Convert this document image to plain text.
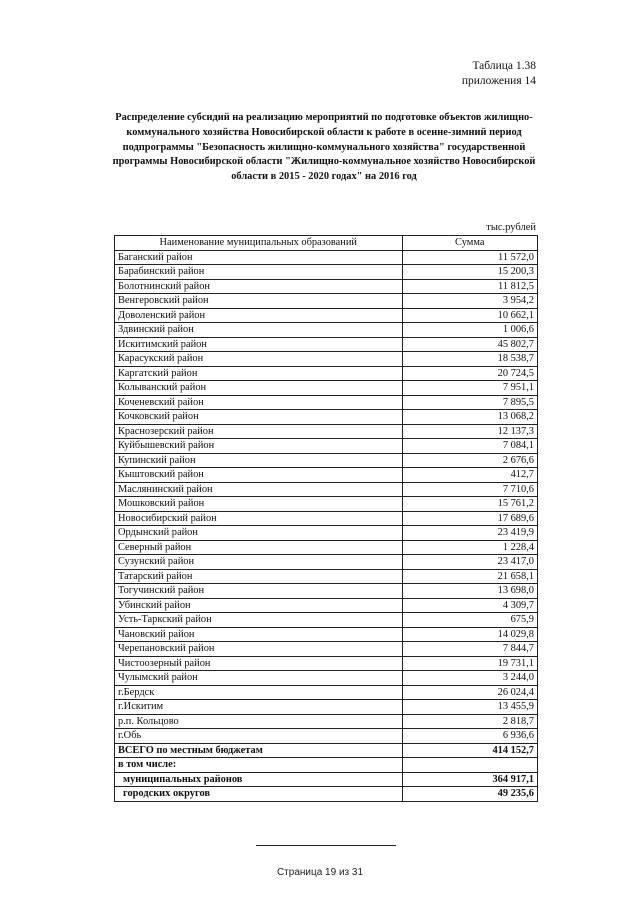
Таблица 1.38
приложения 14
Распределение субсидий на реализацию мероприятий по подготовке объектов жилищно-коммунального хозяйства Новосибирской области к работе в осенне-зимний период подпрограммы "Безопасность жилищно-коммунального хозяйства" государственной программы Новосибирской области "Жилищно-коммунальное хозяйство Новосибирской области в 2015 - 2020 годах" на 2016 год
тыс.рублей
Наименование муниципальных образований	Сумма
Баганский район	11 572,0
Барабинский район	15 200,3
Болотнинский район	11 812,5
Венгеровский район	3 954,2
Доволенский район	10 662,1
Здвинский район	1 006,6
Искитимский район	45 802,7
Карасукский район	18 538,7
Каргатский район	20 724,5
Колыванский район	7 951,1
Коченевский район	7 895,5
Кочковский район	13 068,2
Краснозерский район	12 137,3
Куйбышевский район	7 084,1
Купинский район	2 676,6
Кыштовский район	412,7
Маслянинский район	7 710,6
Мошковский район	15 761,2
Новосибирский район	17 689,6
Ордынский район	23 419,9
Северный район	1 228,4
Сузунский район	23 417,0
Татарский район	21 658,1
Тогучинский район	13 698,0
Убинский район	4 309,7
Усть-Таркский район	675,9
Чановский район	14 029,8
Черепановский район	7 844,7
Чистоозерный район	19 731,1
Чулымский район	3 244,0
г.Бердск	26 024,4
г.Искитим	13 455,9
р.п. Кольцово	2 818,7
г.Обь	6 936,6
ВСЕГО по местным бюджетам	414 152,7
в том числе:	
муниципальных районов	364 917,1
городских округов	49 235,6
Страница 19 из 31
